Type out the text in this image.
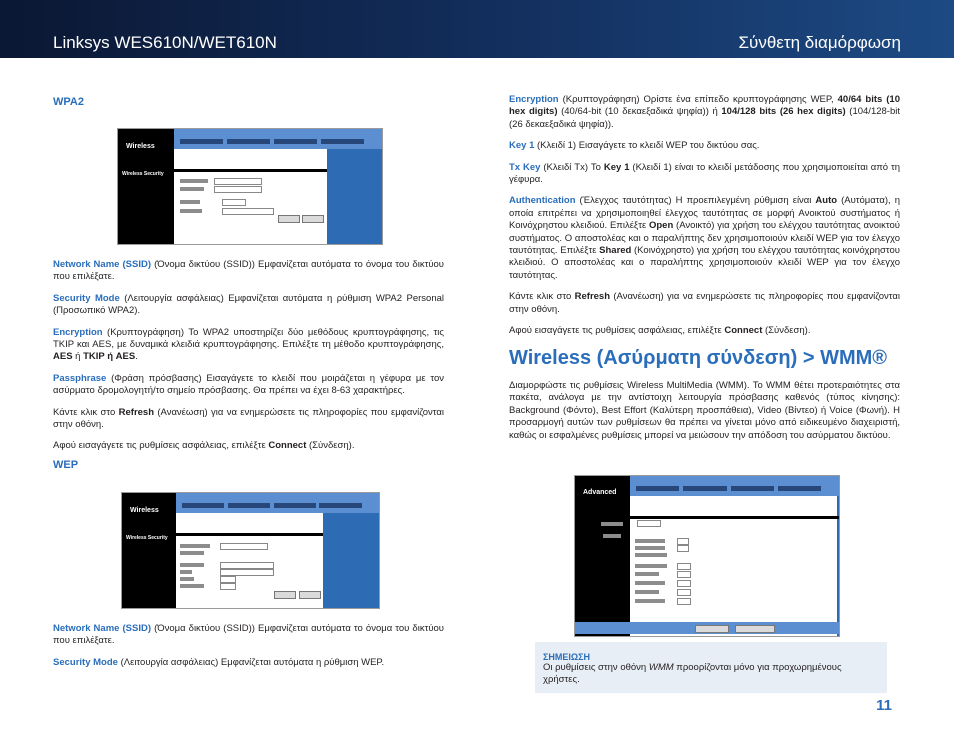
Linksys WES610N/WET610N	Σύνθετη διαμόρφωση
WPA2
Wireless
Wireless Security

Network Name (SSID) (Όνομα δικτύου (SSID)) Εμφανίζεται αυτόματα το όνομα του δικτύου που επιλέξατε.

Security Mode (Λειτουργία ασφάλειας) Εμφανίζεται αυτόματα η ρύθμιση WPA2 Personal (Προσωπικό WPA2).

Encryption (Κρυπτογράφηση) Το WPA2 υποστηρίζει δύο μεθόδους κρυπτογράφησης, τις TKIP και AES, με δυναμικά κλειδιά κρυπτογράφησης. Επιλέξτε τη μέθοδο κρυπτογράφησης, AES ή TKIP ή AES.

Passphrase (Φράση πρόσβασης) Εισαγάγετε το κλειδί που μοιράζεται η γέφυρα με τον ασύρματο δρομολογητή/το σημείο πρόσβασης. Θα πρέπει να έχει 8-63 χαρακτήρες.

Κάντε κλικ στο Refresh (Ανανέωση) για να ενημερώσετε τις πληροφορίες που εμφανίζονται στην οθόνη.

Αφού εισαγάγετε τις ρυθμίσεις ασφάλειας, επιλέξτε Connect (Σύνδεση).

WEP
Wireless
Wireless Security

Network Name (SSID) (Όνομα δικτύου (SSID)) Εμφανίζεται αυτόματα το όνομα του δικτύου που επιλέξατε.

Security Mode (Λειτουργία ασφάλειας) Εμφανίζεται αυτόματα η ρύθμιση WEP.

Encryption (Κρυπτογράφηση) Ορίστε ένα επίπεδο κρυπτογράφησης WEP, 40/64 bits (10 hex digits) (40/64-bit (10 δεκαεξαδικά ψηφία)) ή 104/128 bits (26 hex digits) (104/128-bit (26 δεκαεξαδικά ψηφία)).

Key 1 (Κλειδί 1) Εισαγάγετε το κλειδί WEP του δικτύου σας.

Tx Key (Κλειδί Tx) Το Key 1 (Κλειδί 1) είναι το κλειδί μετάδοσης που χρησιμοποιείται από τη γέφυρα.

Authentication (Έλεγχος ταυτότητας) Η προεπιλεγμένη ρύθμιση είναι Auto (Αυτόματα), η οποία επιτρέπει να χρησιμοποιηθεί έλεγχος ταυτότητας σε μορφή Ανοικτού συστήματος ή Κοινόχρηστου κλειδιού. Επιλέξτε Open (Ανοικτό) για χρήση του ελέγχου ταυτότητας ανοικτού συστήματος. Ο αποστολέας και ο παραλήπτης δεν χρησιμοποιούν κλειδί WEP για τον έλεγχο ταυτότητας. Επιλέξτε Shared (Κοινόχρηστο) για χρήση του ελέγχου ταυτότητας κοινόχρηστου κλειδιού. Ο αποστολέας και ο παραλήπτης χρησιμοποιούν κλειδί WEP για τον έλεγχο ταυτότητας.

Κάντε κλικ στο Refresh (Ανανέωση) για να ενημερώσετε τις πληροφορίες που εμφανίζονται στην οθόνη.

Αφού εισαγάγετε τις ρυθμίσεις ασφάλειας, επιλέξτε Connect (Σύνδεση).

Wireless (Ασύρματη σύνδεση) > WMM®

Διαμορφώστε τις ρυθμίσεις Wireless MultiMedia (WMM). Το WMM θέτει προτεραιότητες στα πακέτα, ανάλογα με την αντίστοιχη λειτουργία πρόσβασης καθενός (τύπος κίνησης): Background (Φόντο), Best Effort (Καλύτερη προσπάθεια), Video (Βίντεο) ή Voice (Φωνή). Η προσαρμογή αυτών των ρυθμίσεων θα πρέπει να γίνεται μόνο από ειδικευμένο διαχειριστή, καθώς οι εσφαλμένες ρυθμίσεις μπορεί να μειώσουν την απόδοση του ασύρματου δικτύου.

Advanced
ΣΗΜΕΙΩΣΗ
Οι ρυθμίσεις στην οθόνη WMM προορίζονται μόνο για προχωρημένους χρήστες.
11
